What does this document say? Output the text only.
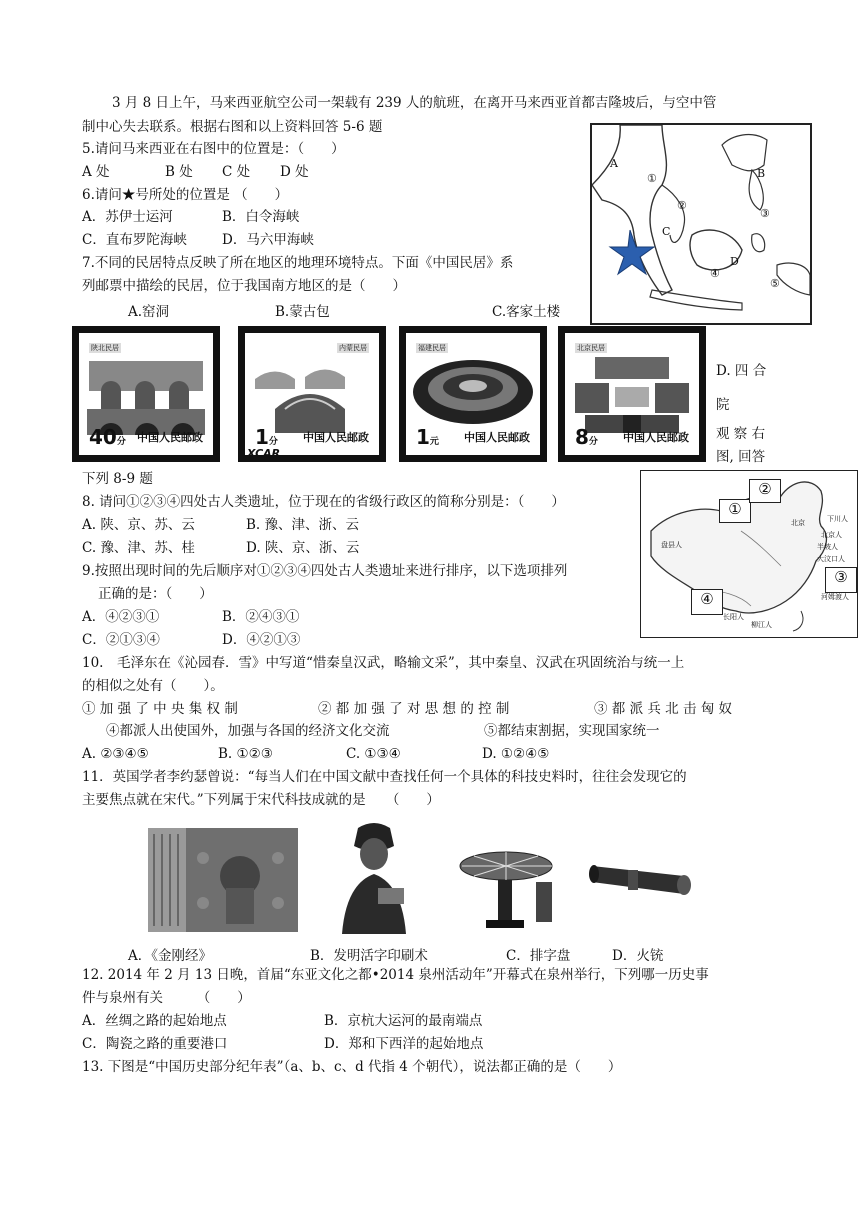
3 月 8 日上午，马来西亚航空公司一架载有 239 人的航班，在离开马来西亚首都吉隆坡后，与空中管
制中心失去联系。根据右图和以上资料回答 5-6 题
5.请问马来西亚在右图中的位置是：（　　）
A 处	B 处 C 处 D 处
6.请问★号所处的位置是 （　　）
A．苏伊士运河	B．白令海峡
C．直布罗陀海峡	D．马六甲海峡
7.不同的民居特点反映了所在地区的地理环境特点。下面《中国民居》系
列邮票中描绘的民居，位于我国南方地区的是（　　）
A.窑洞	B.蒙古包	C.客家土楼
A
B
C
D
①
②
③
④
⑤
陕北民居
40分 中国人民邮政
内蒙民居
1分 中国人民邮政
XCAR
福建民居
1元 中国人民邮政
北京民居
8分 中国人民邮政
D. 四 合
院
观 察 右
图, 回答
下列 8-9 题
①
②
③
④
北京	下川人
盘县人
北京人
半坡人
大汶口人
河姆渡人
长阳人
柳江人
8. 请问①②③④四处古人类遗址，位于现在的省级行政区的简称分别是：（　　）
A. 陕、京、苏、云	B. 豫、津、浙、云
C. 豫、津、苏、桂	D. 陕、京、浙、云
9.按照出现时间的先后顺序对①②③④四处古人类遗址来进行排序，以下选项排列
正确的是：（　　）
A．④②③①	B．②④③①
C．②①③④	D．④②①③
10.　毛泽东在《沁园春．雪》中写道“惜秦皇汉武，略输文采”，其中秦皇、汉武在巩固统治与统一上
的相似之处有（　　）。
① 加 强 了 中 央 集 权 制	② 都 加 强 了 对 思 想 的 控 制	③ 都 派 兵 北 击 匈 奴
④都派人出使国外，加强与各国的经济文化交流	⑤都结束割据，实现国家统一
A. ②③④⑤	B. ①②③	C. ①③④	D. ①②④⑤
11．英国学者李约瑟曾说：“每当人们在中国文献中查找任何一个具体的科技史料时，往往会发现它的
主要焦点就在宋代。”下列属于宋代科技成就的是　　（　　）
A．《金刚经》	B．发明活字印刷术	C．排字盘	D．火铳
12. 2014 年 2 月 13 日晚，首届“东亚文化之都•2014 泉州活动年”开幕式在泉州举行，下列哪一历史事
件与泉州有关　　　（　　）
A．丝绸之路的起始地点	B．京杭大运河的最南端点
C．陶瓷之路的重要港口	D．郑和下西洋的起始地点
13. 下图是“中国历史部分纪年表”（a、b、c、d 代指 4 个朝代），说法都正确的是（　　）
